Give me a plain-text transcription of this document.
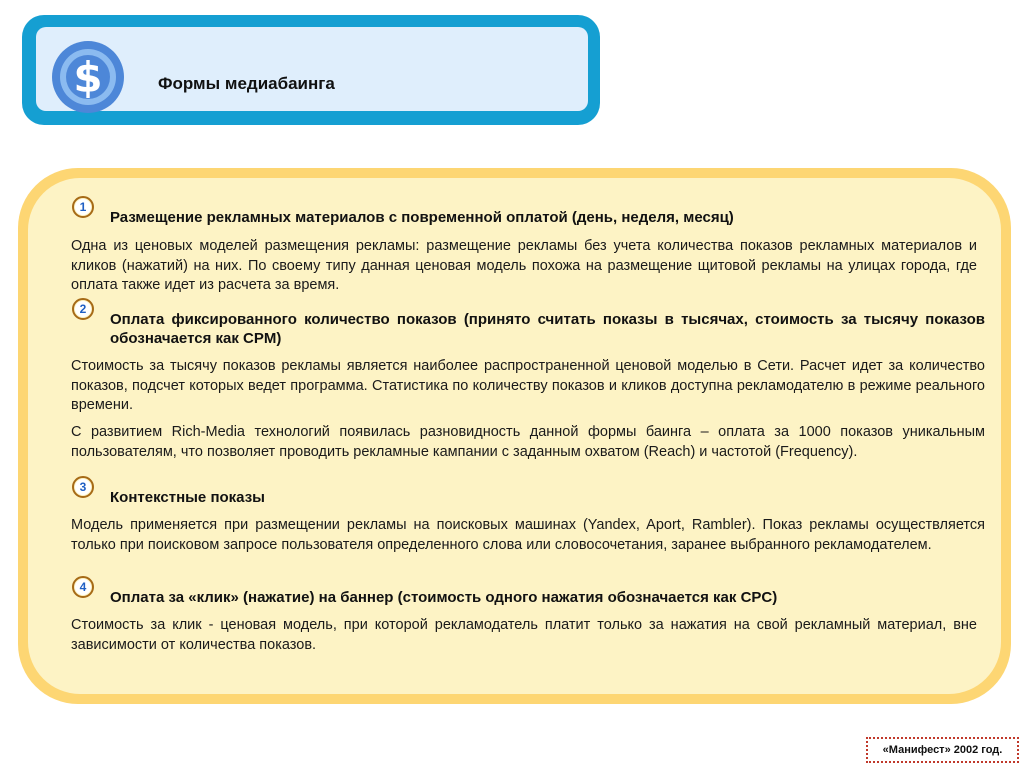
$	Формы медиабаинга
1
Размещение рекламных материалов с повременной оплатой (день, неделя, месяц)
Одна из ценовых моделей размещения рекламы: размещение рекламы без учета количества показов рекламных материалов и кликов (нажатий) на них. По своему типу данная ценовая модель похожа на размещение щитовой рекламы на улицах города, где оплата также идет из расчета за время.
2
Оплата фиксированного количество показов (принято считать показы в тысячах, стоимость за тысячу показов обозначается как CPM)
Стоимость за тысячу показов рекламы является наиболее распространенной ценовой моделью в Сети. Расчет идет за количество показов, подсчет которых ведет программа. Статистика по количеству показов и кликов доступна рекламодателю в режиме реального времени.
С развитием Rich-Media технологий появилась разновидность данной формы баинга – оплата за 1000 показов уникальным пользователям, что позволяет проводить рекламные кампании с заданным охватом (Reach) и частотой (Frequency).
3
Контекстные показы
Модель применяется при размещении рекламы на поисковых машинах (Yandex, Aport, Rambler). Показ рекламы осуществляется только при поисковом запросе пользователя определенного слова или словосочетания, заранее выбранного рекламодателем.
4
Оплата за «клик» (нажатие) на баннер (стоимость одного нажатия обозначается как CPC)
Стоимость за клик - ценовая модель, при которой рекламодатель платит только за нажатия на свой рекламный материал, вне зависимости от количества показов.
«Манифест» 2002 год.
